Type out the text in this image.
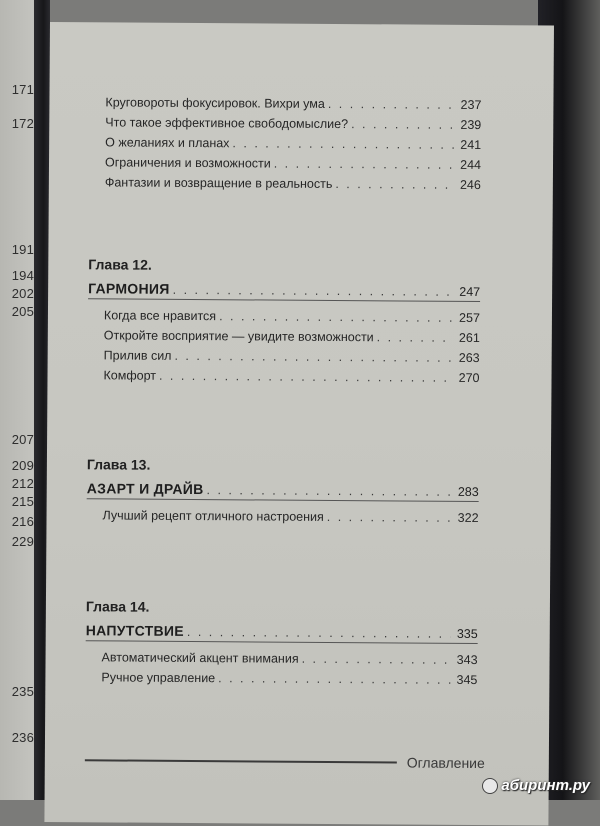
171
172
191
194
202
205
207
209
212
215
216
229
235
236
Круговороты фокусировок. Вихри ума . . .	237
Что такое эффективное свободомыслие? . . .	239
О желаниях и планах . . .	241
Ограничения и возможности . . .	244
Фантазии и возвращение в реальность . . .	246
Глава 12.
ГАРМОНИЯ . . .	247
Когда все нравится . . .	257
Откройте восприятие — увидите возможности . . .	261
Прилив сил . . .	263
Комфорт . . .	270
Глава 13.
АЗАРТ И ДРАЙВ . . .	283
Лучший рецепт отличного настроения . . .	322
Глава 14.
НАПУТСТВИЕ . . .	335
Автоматический акцент внимания . . .	343
Ручное управление . . .	345
Оглавление
абиринт.ру
